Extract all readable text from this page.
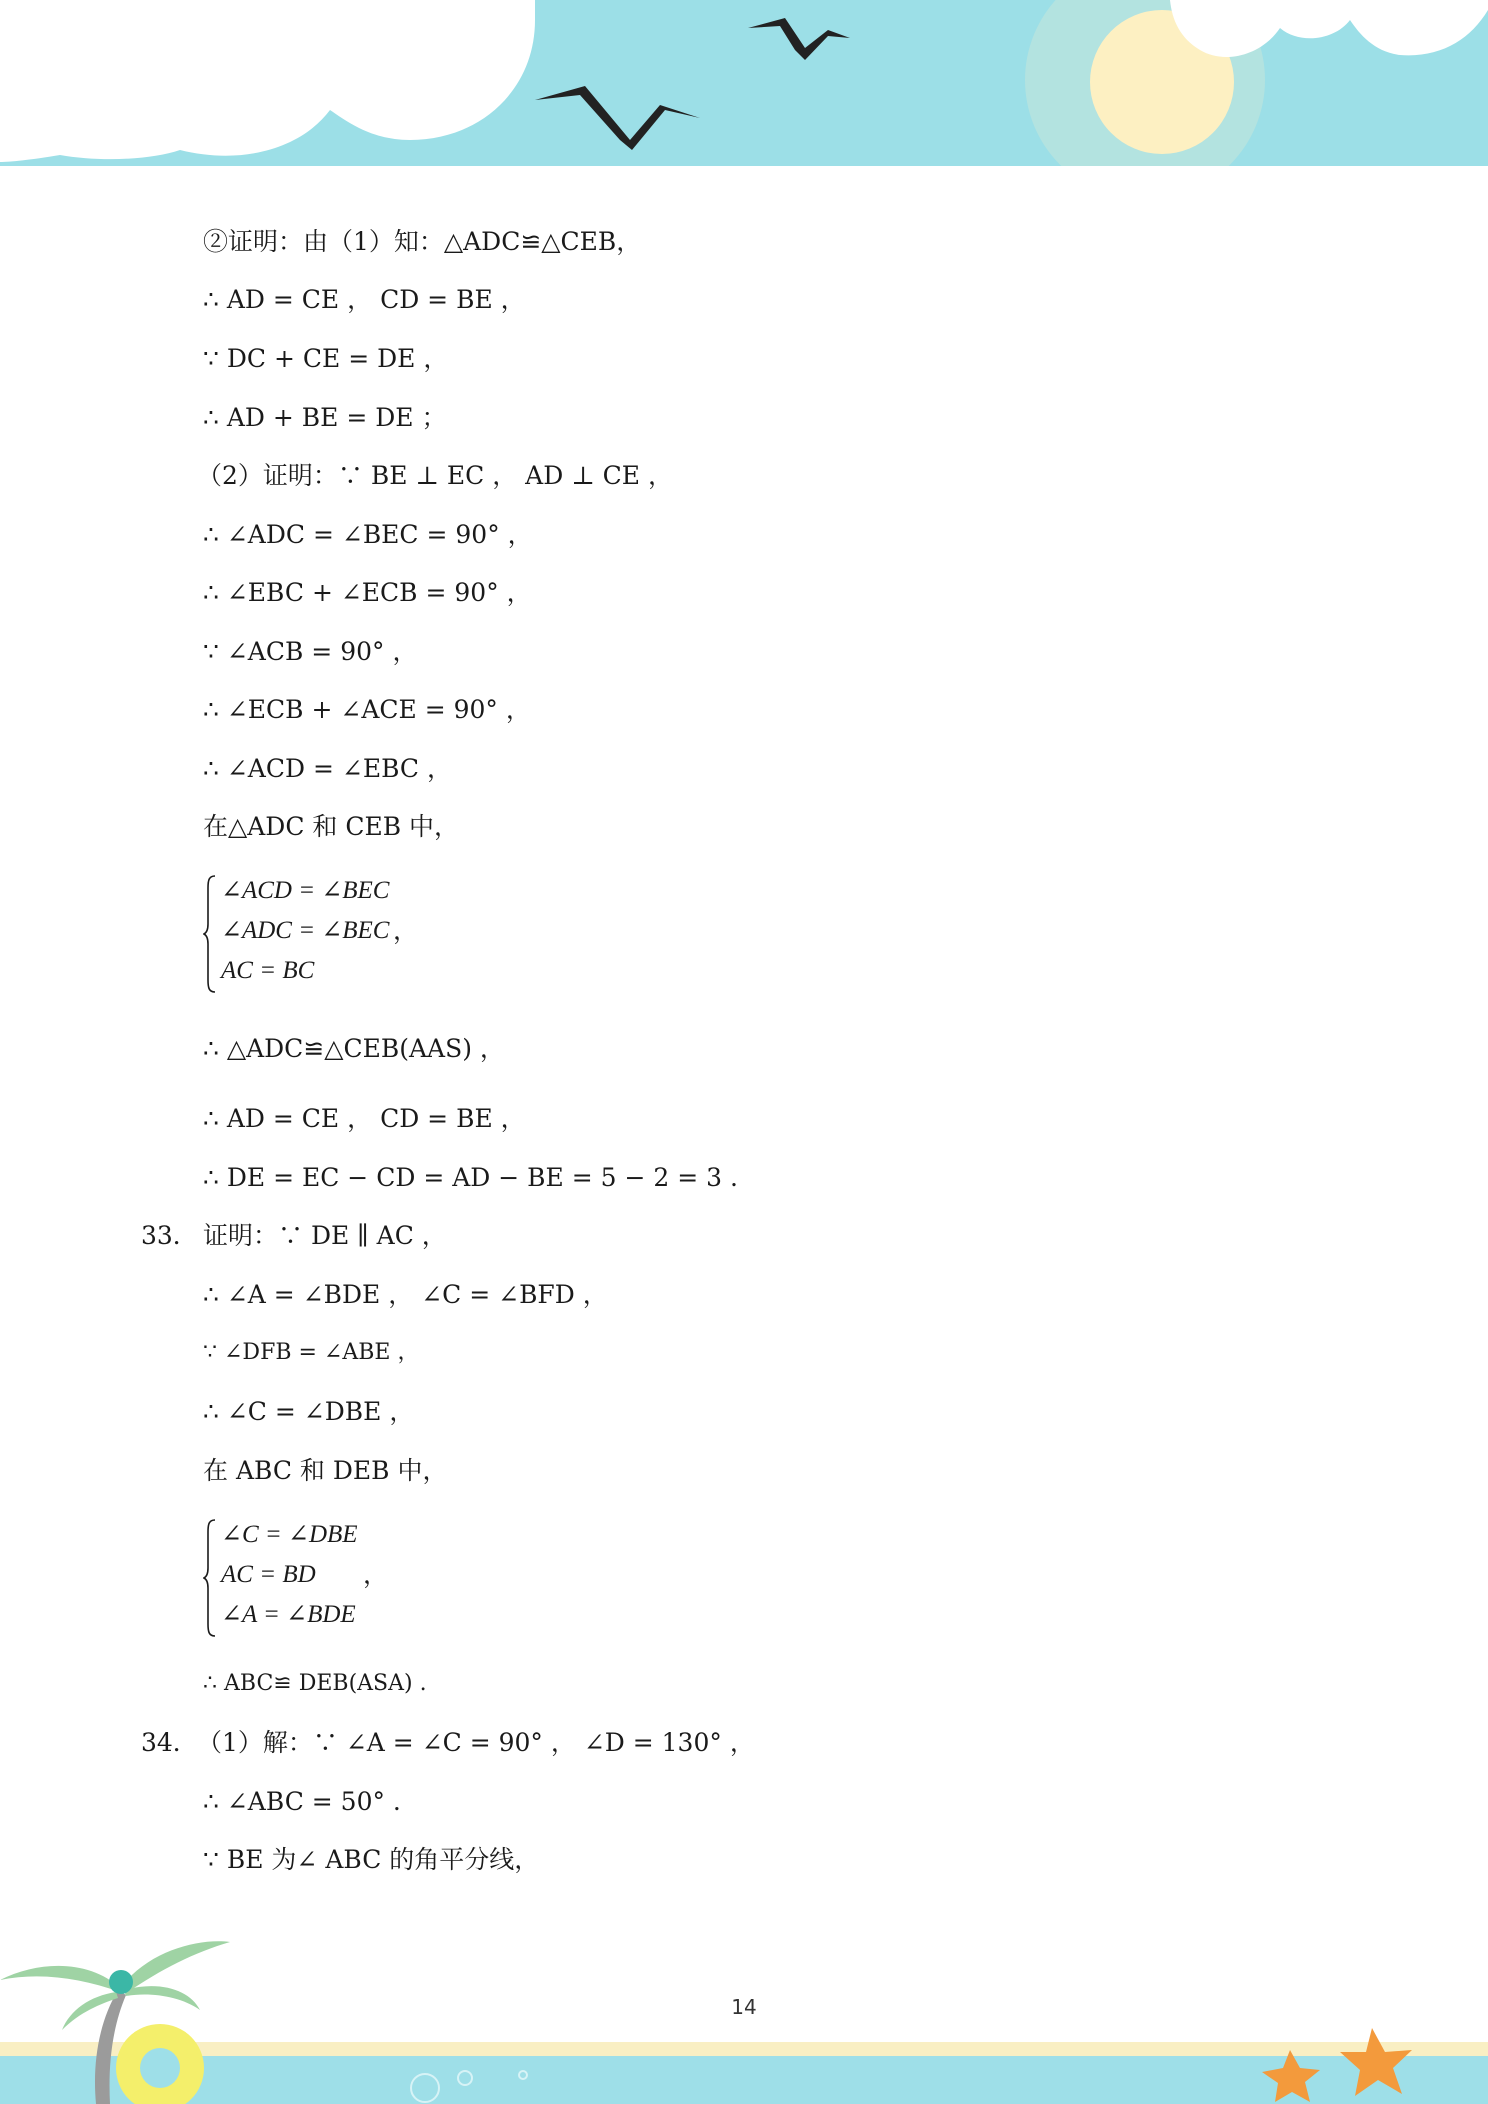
②证明：由（1）知：△ADC≌△CEB，
∴ AD = CE ， CD = BE ，
∵ DC + CE = DE ，
∴ AD + BE = DE ；
（2）证明：∵ BE ⊥ EC ， AD ⊥ CE ，
∴ ∠ADC = ∠BEC = 90° ，
∴ ∠EBC + ∠ECB = 90° ，
∵ ∠ACB = 90° ，
∴ ∠ECB + ∠ACE = 90° ，
∴ ∠ACD = ∠EBC ，
在△ADC 和 CEB 中，
∠ACD = ∠BEC
∠ADC = ∠BEC
AC = BC
，
∴ △ADC≌△CEB(AAS) ，
∴ AD = CE ， CD = BE ，
∴ DE = EC − CD = AD − BE = 5 − 2 = 3 .
33． 证明：∵ DE ∥ AC ，
∴ ∠A = ∠BDE ， ∠C = ∠BFD ，
∵ ∠DFB = ∠ABE ，
∴ ∠C = ∠DBE ，
在 ABC 和 DEB 中，
∠C = ∠DBE
AC = BD
∠A = ∠BDE
，
∴ ABC≌ DEB(ASA) .
34． （1）解：∵ ∠A = ∠C = 90° ， ∠D = 130° ，
∴ ∠ABC = 50° .
∵ BE 为∠ ABC 的角平分线，
14
